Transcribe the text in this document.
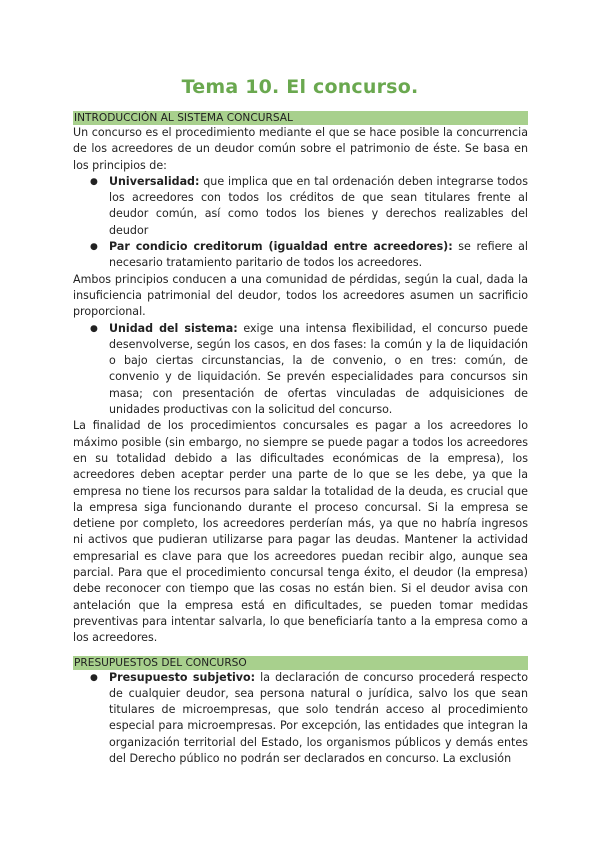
Tema 10. El concurso.
INTRODUCCIÓN AL SISTEMA CONCURSAL

Un concurso es el procedimiento mediante el que se hace posible la concurrencia de los acreedores de un deudor común sobre el patrimonio de éste. Se basa en los principios de:

● Universalidad: que implica que en tal ordenación deben integrarse todos los acreedores con todos los créditos de que sean titulares frente al deudor común, así como todos los bienes y derechos realizables del deudor
● Par condicio creditorum (igualdad entre acreedores): se refiere al necesario tratamiento paritario de todos los acreedores.

Ambos principios conducen a una comunidad de pérdidas, según la cual, dada la insuficiencia patrimonial del deudor, todos los acreedores asumen un sacrificio proporcional.

● Unidad del sistema: exige una intensa flexibilidad, el concurso puede desenvolverse, según los casos, en dos fases: la común y la de liquidación o bajo ciertas circunstancias, la de convenio, o en tres: común, de convenio y de liquidación. Se prevén especialidades para concursos sin masa; con presentación de ofertas vinculadas de adquisiciones de unidades productivas con la solicitud del concurso.

La finalidad de los procedimientos concursales es pagar a los acreedores lo máximo posible (sin embargo, no siempre se puede pagar a todos los acreedores en su totalidad debido a las dificultades económicas de la empresa), los acreedores deben aceptar perder una parte de lo que se les debe, ya que la empresa no tiene los recursos para saldar la totalidad de la deuda, es crucial que la empresa siga funcionando durante el proceso concursal. Si la empresa se detiene por completo, los acreedores perderían más, ya que no habría ingresos ni activos que pudieran utilizarse para pagar las deudas. Mantener la actividad empresarial es clave para que los acreedores puedan recibir algo, aunque sea parcial. Para que el procedimiento concursal tenga éxito, el deudor (la empresa) debe reconocer con tiempo que las cosas no están bien. Si el deudor avisa con antelación que la empresa está en dificultades, se pueden tomar medidas preventivas para intentar salvarla, lo que beneficiaría tanto a la empresa como a los acreedores.

PRESUPUESTOS DEL CONCURSO
● Presupuesto subjetivo: la declaración de concurso procederá respecto de cualquier deudor, sea persona natural o jurídica, salvo los que sean titulares de microempresas, que solo tendrán acceso al procedimiento especial para microempresas. Por excepción, las entidades que integran la organización territorial del Estado, los organismos públicos y demás entes del Derecho público no podrán ser declarados en concurso. La exclusión
